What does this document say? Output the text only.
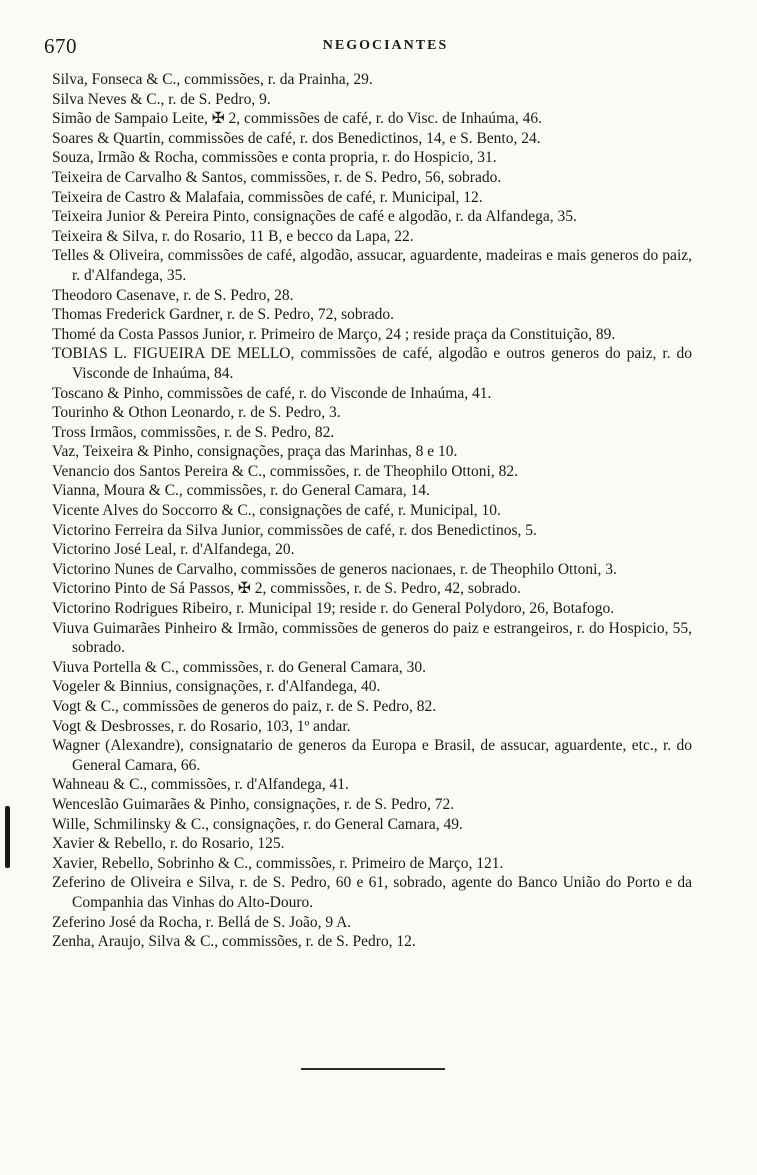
670	NEGOCIANTES

Silva, Fonseca & C., commissões, r. da Prainha, 29.

Silva Neves & C., r. de S. Pedro, 9.

Simão de Sampaio Leite, ✠ 2, commissões de café, r. do Visc. de Inhaúma, 46.

Soares & Quartin, commissões de café, r. dos Benedictinos, 14, e S. Bento, 24.

Souza, Irmão & Rocha, commissões e conta propria, r. do Hospicio, 31.

Teixeira de Carvalho & Santos, commissões, r. de S. Pedro, 56, sobrado.

Teixeira de Castro & Malafaia, commissões de café, r. Municipal, 12.

Teixeira Junior & Pereira Pinto, consignações de café e algodão, r. da Alfandega, 35.

Teixeira & Silva, r. do Rosario, 11 B, e becco da Lapa, 22.

Telles & Oliveira, commissões de café, algodão, assucar, aguardente, madeiras e mais generos do paiz, r. d'Alfandega, 35.

Theodoro Casenave, r. de S. Pedro, 28.

Thomas Frederick Gardner, r. de S. Pedro, 72, sobrado.

Thomé da Costa Passos Junior, r. Primeiro de Março, 24 ; reside praça da Constituição, 89.

TOBIAS L. FIGUEIRA DE MELLO, commissões de café, algodão e outros generos do paiz, r. do Visconde de Inhaúma, 84.

Toscano & Pinho, commissões de café, r. do Visconde de Inhaúma, 41.

Tourinho & Othon Leonardo, r. de S. Pedro, 3.

Tross Irmãos, commissões, r. de S. Pedro, 82.

Vaz, Teixeira & Pinho, consignações, praça das Marinhas, 8 e 10.

Venancio dos Santos Pereira & C., commissões, r. de Theophilo Ottoni, 82.

Vianna, Moura & C., commissões, r. do General Camara, 14.

Vicente Alves do Soccorro & C., consignações de café, r. Municipal, 10.

Victorino Ferreira da Silva Junior, commissões de café, r. dos Benedictinos, 5.

Victorino José Leal, r. d'Alfandega, 20.

Victorino Nunes de Carvalho, commissões de generos nacionaes, r. de Theophilo Ottoni, 3.

Victorino Pinto de Sá Passos, ✠ 2, commissões, r. de S. Pedro, 42, sobrado.

Victorino Rodrigues Ribeiro, r. Municipal 19; reside r. do General Polydoro, 26, Botafogo.

Viuva Guimarães Pinheiro & Irmão, commissões de generos do paiz e estrangeiros, r. do Hospicio, 55, sobrado.

Viuva Portella & C., commissões, r. do General Camara, 30.

Vogeler & Binnius, consignações, r. d'Alfandega, 40.

Vogt & C., commissões de generos do paiz, r. de S. Pedro, 82.

Vogt & Desbrosses, r. do Rosario, 103, 1º andar.

Wagner (Alexandre), consignatario de generos da Europa e Brasil, de assucar, aguardente, etc., r. do General Camara, 66.

Wahneau & C., commissões, r. d'Alfandega, 41.

Wenceslão Guimarães & Pinho, consignações, r. de S. Pedro, 72.

Wille, Schmilinsky & C., consignações, r. do General Camara, 49.

Xavier & Rebello, r. do Rosario, 125.

Xavier, Rebello, Sobrinho & C., commissões, r. Primeiro de Março, 121.

Zeferino de Oliveira e Silva, r. de S. Pedro, 60 e 61, sobrado, agente do Banco União do Porto e da Companhia das Vinhas do Alto-Douro.

Zeferino José da Rocha, r. Bellá de S. João, 9 A.

Zenha, Araujo, Silva & C., commissões, r. de S. Pedro, 12.
